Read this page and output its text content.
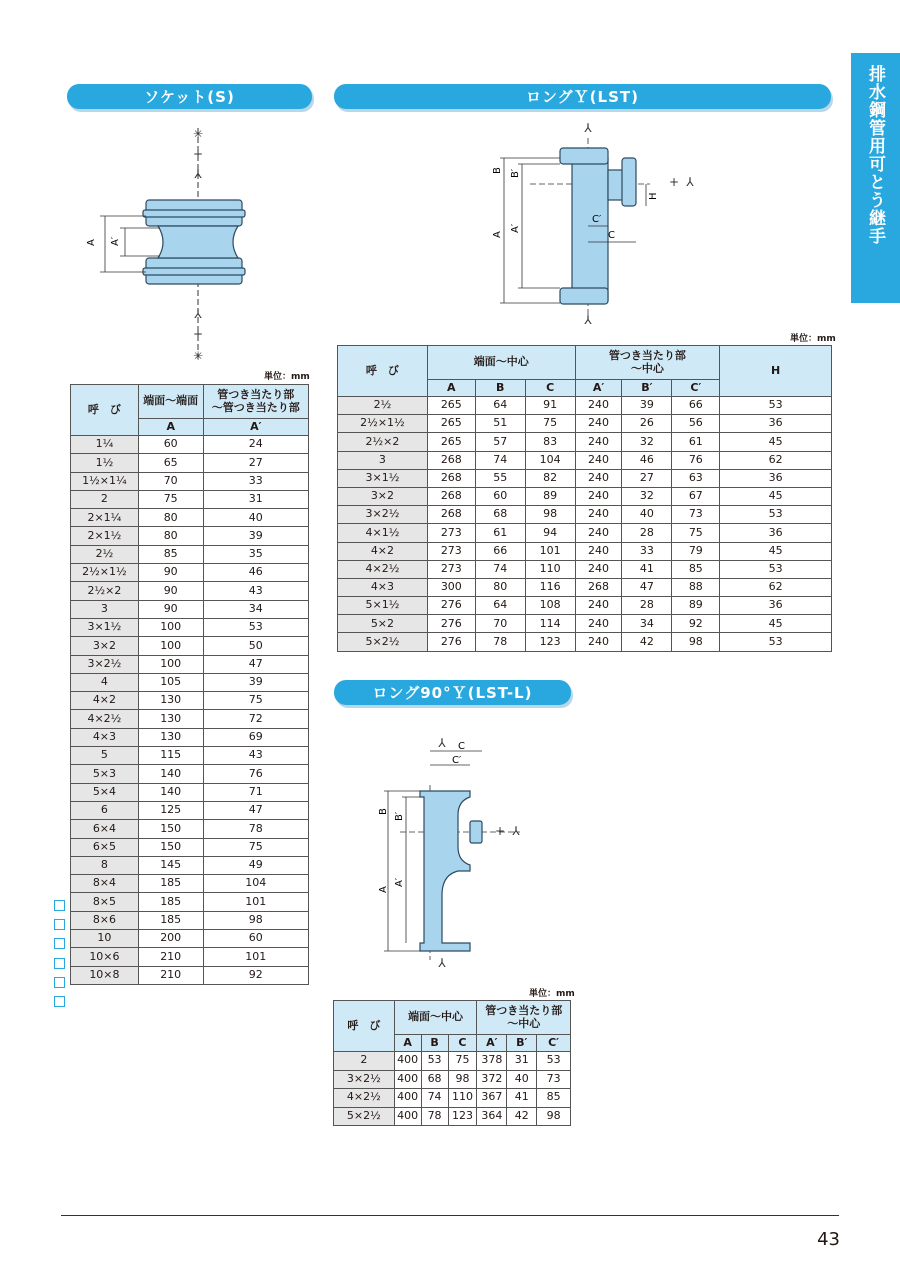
排水鋼管用可とう継手
ソケット(S)	ロングＹ(LST)
ロング90°Ｙ(LST-L)
A A′
✳
+
⅄
⅄
+
✳
単位：mm
呼　び	端面〜端面	管つき当たり部
〜管つき当たり部
	A	A′
1¼	60	24
1½	65	27
1½×1¼	70	33
2	75	31
2×1¼	80	40
2×1½	80	39
2½	85	35
2½×1½	90	46
2½×2	90	43
3	90	34
3×1½	100	53
3×2	100	50
3×2½	100	47
4	105	39
4×2	130	75
4×2½	130	72
4×3	130	69
5	115	43
5×3	140	76
5×4	140	71
6	125	47
6×4	150	78
6×5	150	75
8	145	49
8×4	185	104
8×5	185	101
8×6	185	98
10	200	60
10×6	210	101
10×8	210	92
A
A′
B B′
C′
C
H
⅄
⅄
⅄
+
単位：mm
呼　び	端面〜中心			管つき当たり部
〜中心			H
	A	B	C	A′	B′	C′	
2½	265	64	91	240	39	66	53
2½×1½	265	51	75	240	26	56	36
2½×2	265	57	83	240	32	61	45
3	268	74	104	240	46	76	62
3×1½	268	55	82	240	27	63	36
3×2	268	60	89	240	32	67	45
3×2½	268	68	98	240	40	73	53
4×1½	273	61	94	240	28	75	36
4×2	273	66	101	240	33	79	45
4×2½	273	74	110	240	41	85	53
4×3	300	80	116	268	47	88	62
5×1½	276	64	108	240	28	89	36
5×2	276	70	114	240	34	92	45
5×2½	276	78	123	240	42	98	53
A
A′
B
B′
C
C′
⅄
⅄
⅄
+
単位：mm
呼　び	端面〜中心			管つき当たり部
〜中心		
	A	B	C	A′	B′	C′
2	400	53	75	378	31	53
3×2½	400	68	98	372	40	73
4×2½	400	74	110	367	41	85
5×2½	400	78	123	364	42	98
43
